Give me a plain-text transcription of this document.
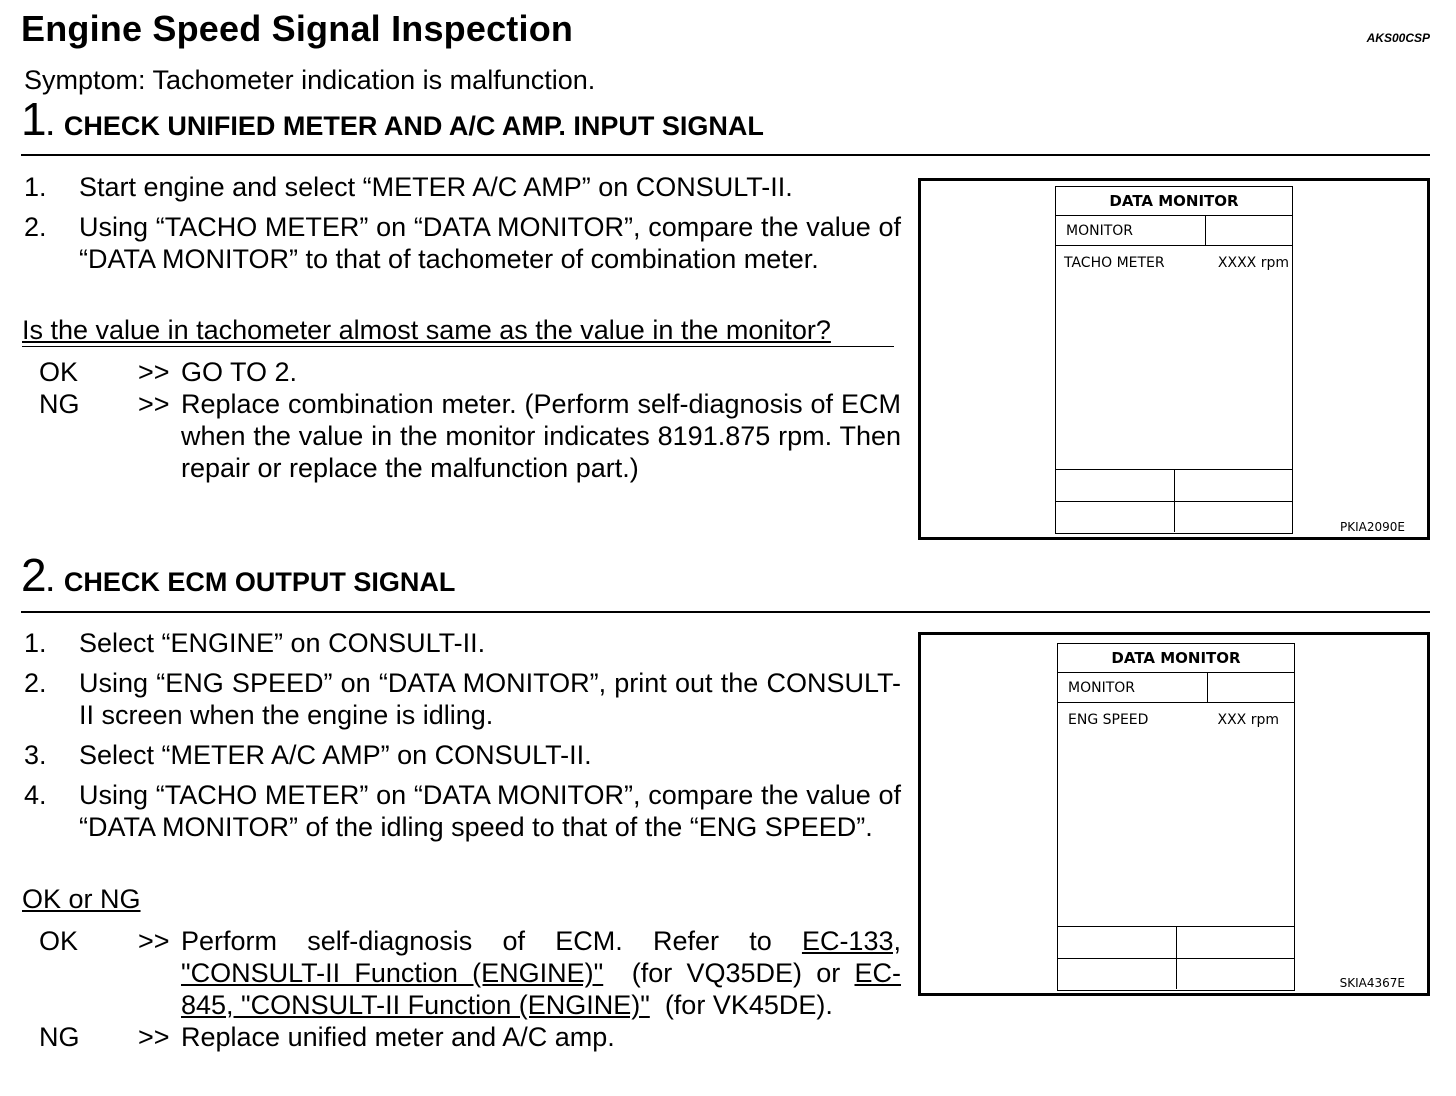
Engine Speed Signal Inspection	AKS00CSP
Symptom: Tachometer indication is malfunction.
1. CHECK UNIFIED METER AND A/C AMP. INPUT SIGNAL
1.	Start engine and select “METER A/C AMP” on CONSULT-II.
2.	Using “TACHO METER” on “DATA MONITOR”, compare the value of “DATA MONITOR” to that of tachometer of combination meter.
Is the value in tachometer almost same as the value in the monitor?
OK	>> GO TO 2.
NG	>> Replace combination meter. (Perform self-diagnosis of ECM when the value in the monitor indicates 8191.875 rpm. Then repair or replace the malfunction part.)
DATA MONITOR
MONITOR
TACHO METER	XXXX rpm
PKIA2090E
2. CHECK ECM OUTPUT SIGNAL
1.	Select “ENGINE” on CONSULT-II.
2.	Using “ENG SPEED” on “DATA MONITOR”, print out the CONSULT-II screen when the engine is idling.
3.	Select “METER A/C AMP” on CONSULT-II.
4.	Using “TACHO METER” on “DATA MONITOR”, compare the value of “DATA MONITOR” of the idling speed to that of the “ENG SPEED”.
OK or NG
OK	>> Perform self-diagnosis of ECM. Refer to EC-133, "CONSULT-II Function (ENGINE)" (for VQ35DE) or EC-845, "CONSULT-II Function (ENGINE)" (for VK45DE).
NG	>> Replace unified meter and A/C amp.
DATA MONITOR
MONITOR
ENG SPEED	XXX rpm
SKIA4367E
